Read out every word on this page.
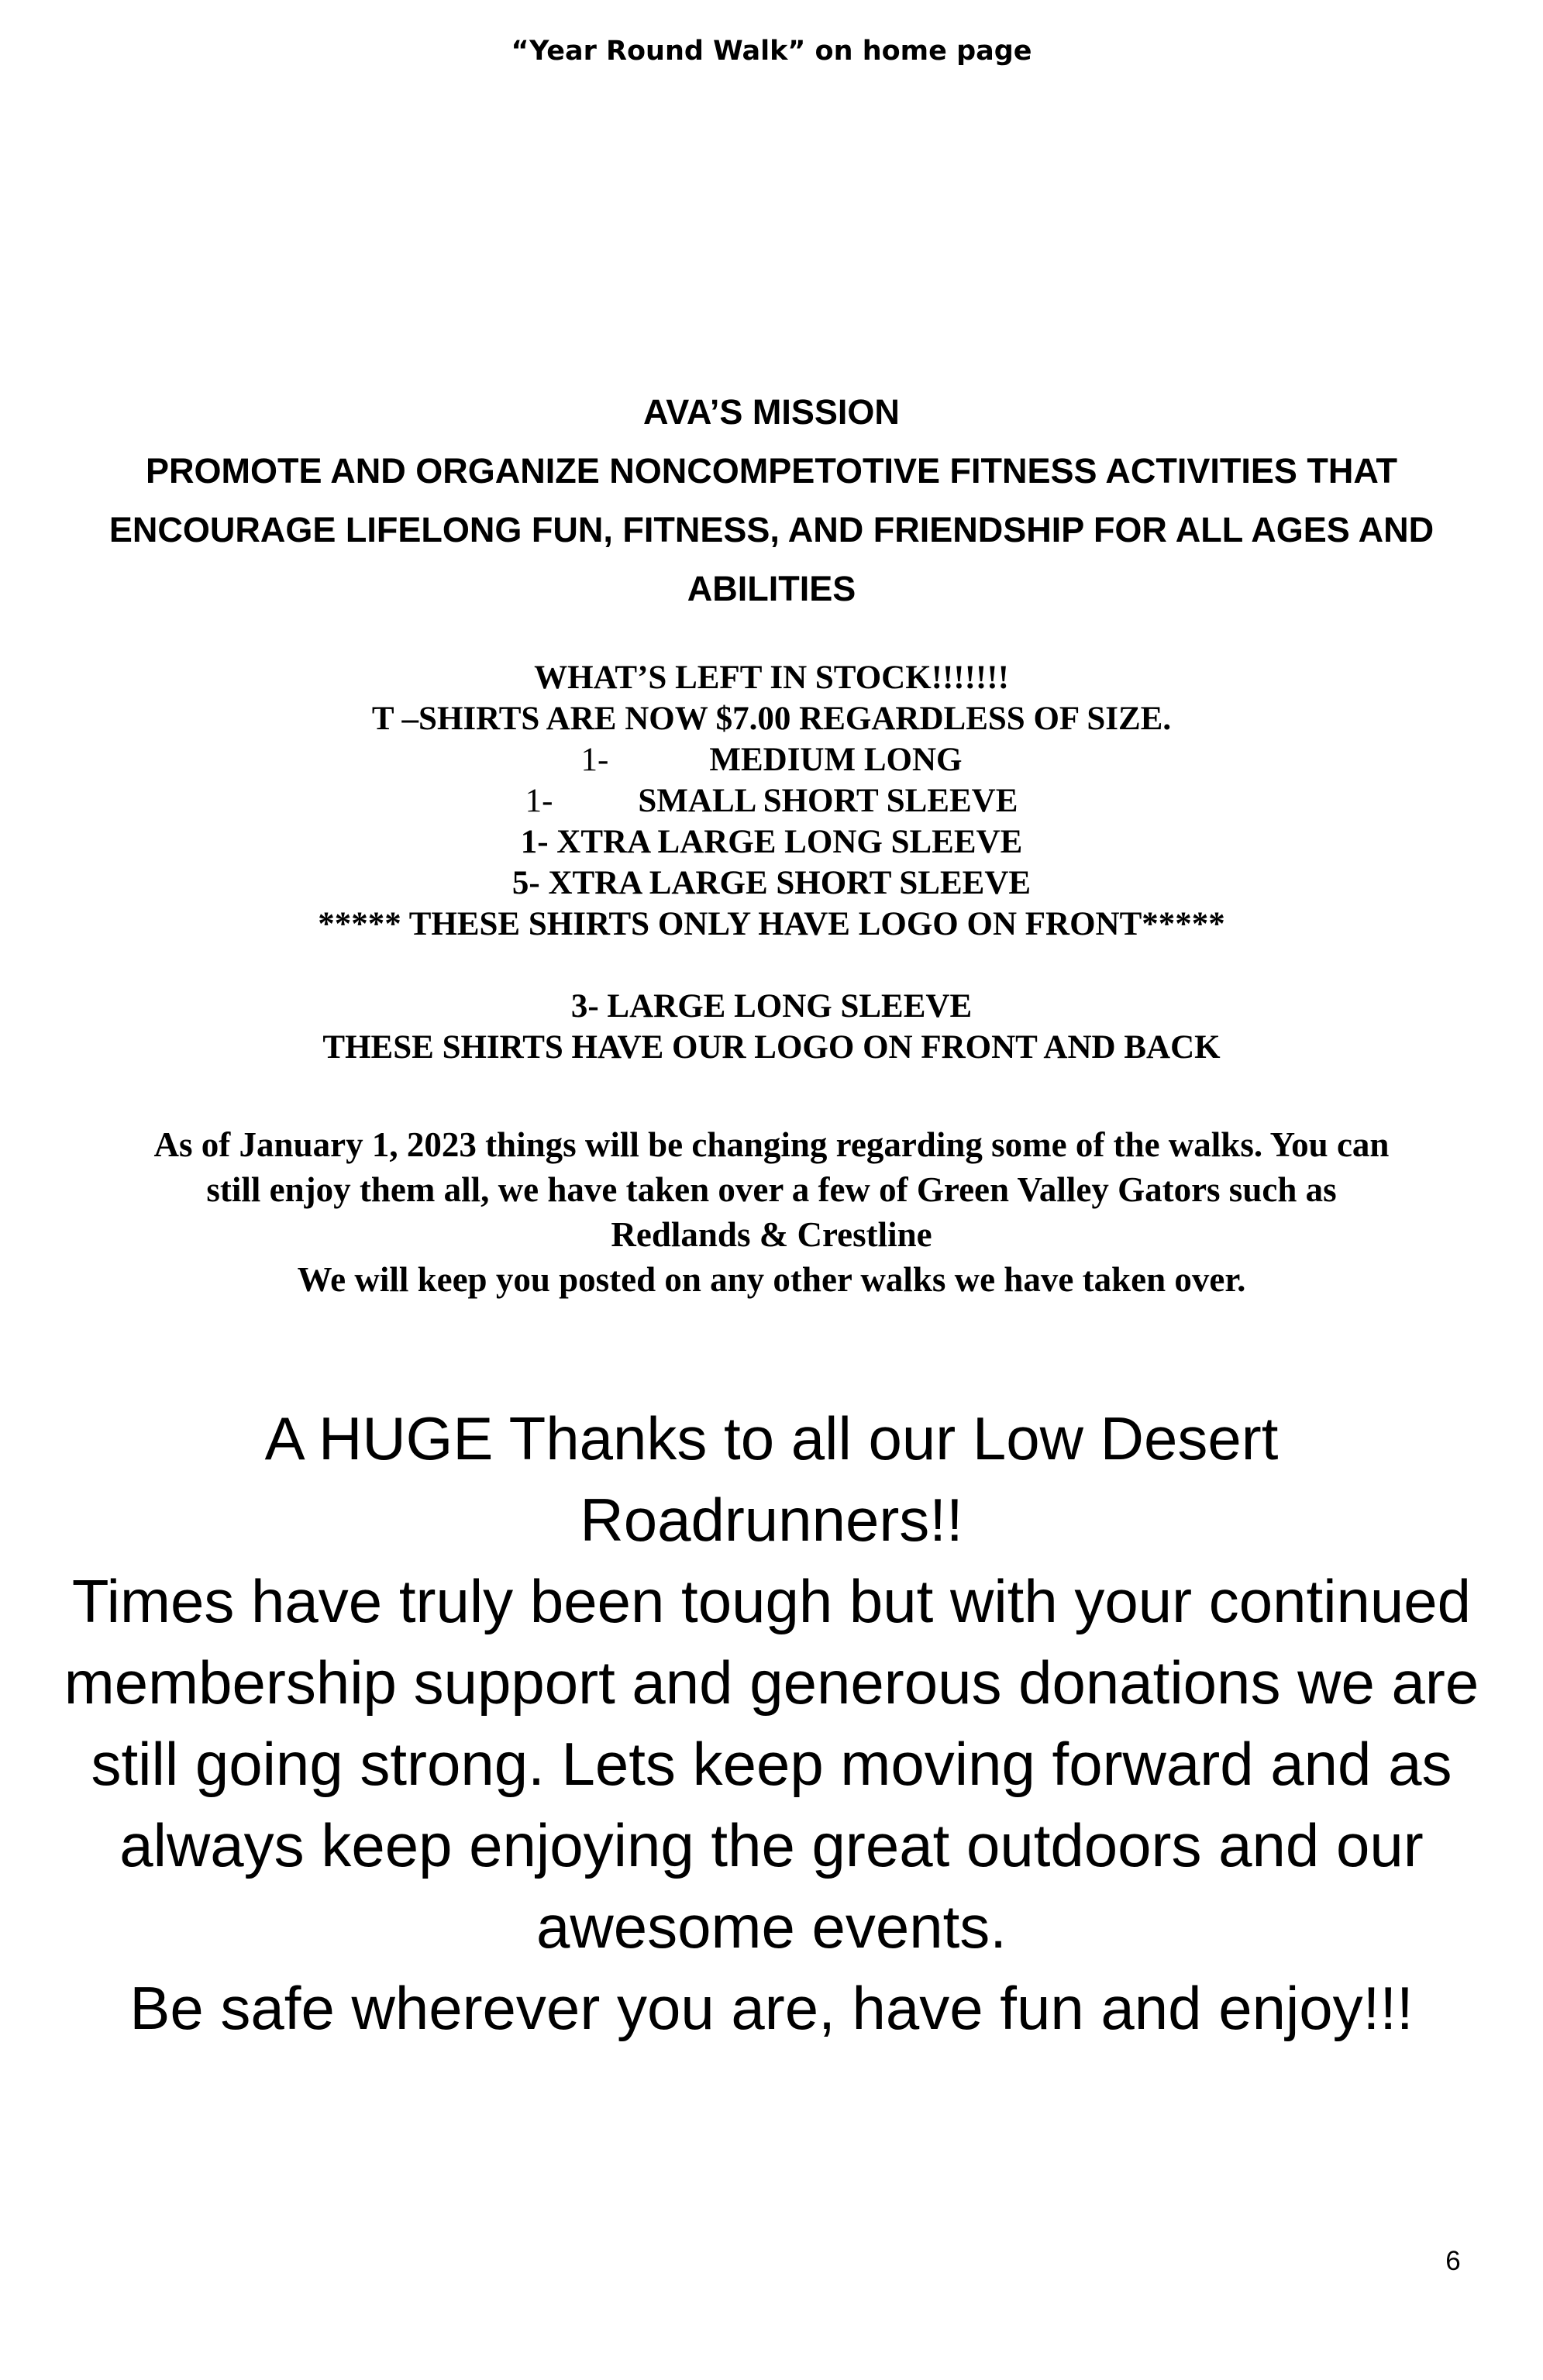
“Year Round Walk” on home page
AVA’S MISSION
PROMOTE AND ORGANIZE NONCOMPETOTIVE FITNESS ACTIVITIES THAT
ENCOURAGE LIFELONG FUN, FITNESS, AND FRIENDSHIP FOR ALL AGES AND
ABILITIES
WHAT’S LEFT IN STOCK!!!!!!!
T –SHIRTS ARE NOW $7.00 REGARDLESS OF SIZE.
1-	MEDIUM LONG
1-	SMALL SHORT SLEEVE
1- XTRA LARGE LONG SLEEVE
5- XTRA LARGE SHORT SLEEVE
***** THESE SHIRTS ONLY HAVE LOGO ON FRONT*****
3- LARGE LONG SLEEVE
THESE SHIRTS HAVE OUR LOGO ON FRONT AND BACK
As of January 1, 2023 things will be changing regarding some of the walks. You can
still enjoy them all, we have taken over a few of Green Valley Gators such as
Redlands & Crestline
We will keep you posted on any other walks we have taken over.
A HUGE Thanks to all our Low Desert
Roadrunners!!
Times have truly been tough but with your continued
membership support and generous donations we are
still going strong. Lets keep moving forward and as
always keep enjoying the great outdoors and our
awesome events.
Be safe wherever you are, have fun and enjoy!!!
6
